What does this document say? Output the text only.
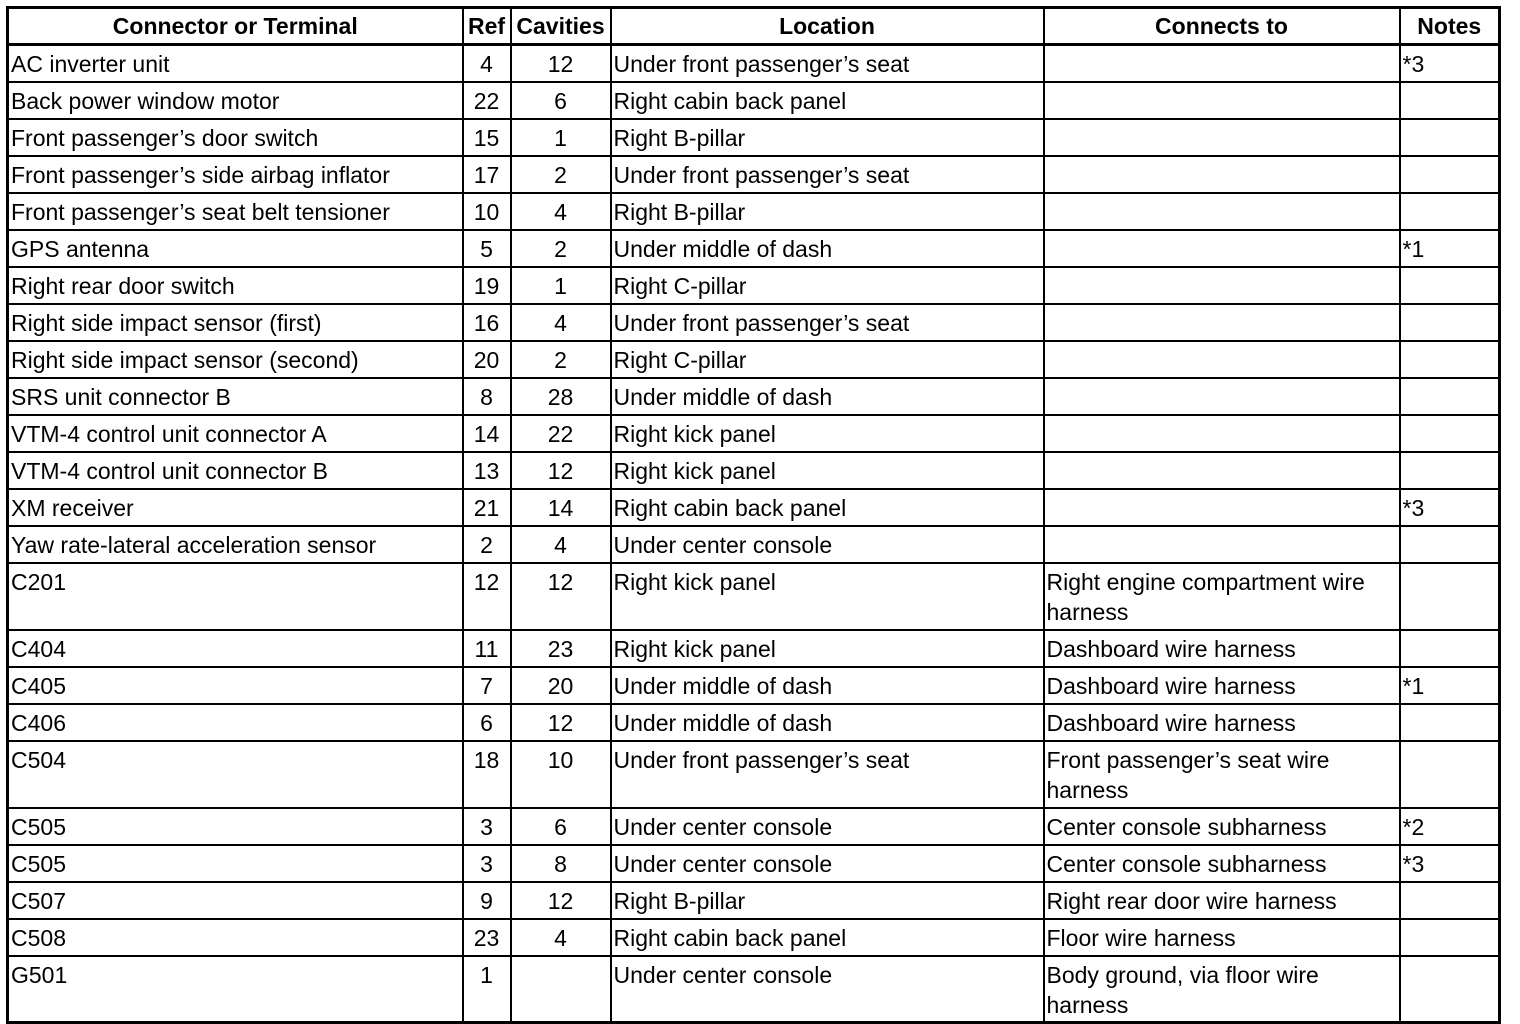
Connector or Terminal	Ref	Cavities	Location	Connects to	Notes
AC inverter unit	4	12	Under front passenger’s seat		*3
Back power window motor	22	6	Right cabin back panel		
Front passenger’s door switch	15	1	Right B-pillar		
Front passenger’s side airbag inflator	17	2	Under front passenger’s seat		
Front passenger’s seat belt tensioner	10	4	Right B-pillar		
GPS antenna	5	2	Under middle of dash		*1
Right rear door switch	19	1	Right C-pillar		
Right side impact sensor (first)	16	4	Under front passenger’s seat		
Right side impact sensor (second)	20	2	Right C-pillar		
SRS unit connector B	8	28	Under middle of dash		
VTM-4 control unit connector A	14	22	Right kick panel		
VTM-4 control unit connector B	13	12	Right kick panel		
XM receiver	21	14	Right cabin back panel		*3
Yaw rate-lateral acceleration sensor	2	4	Under center console		
C201	12	12	Right kick panel	Right engine compartment wire harness	
C404	11	23	Right kick panel	Dashboard wire harness	
C405	7	20	Under middle of dash	Dashboard wire harness	*1
C406	6	12	Under middle of dash	Dashboard wire harness	
C504	18	10	Under front passenger’s seat	Front passenger’s seat wire harness	
C505	3	6	Under center console	Center console subharness	*2
C505	3	8	Under center console	Center console subharness	*3
C507	9	12	Right B-pillar	Right rear door wire harness	
C508	23	4	Right cabin back panel	Floor wire harness	
G501	1		Under center console	Body ground, via floor wire harness	
